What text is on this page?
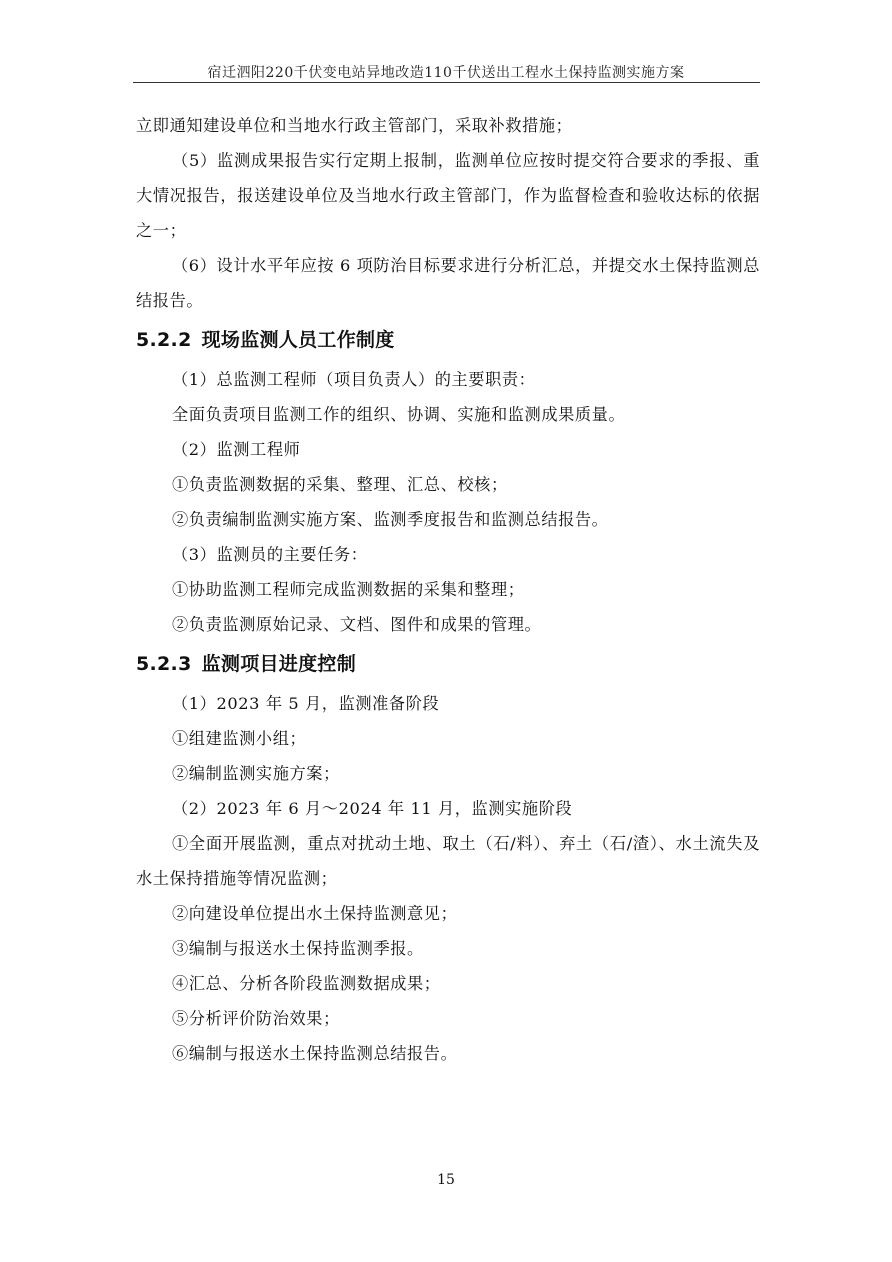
宿迁泗阳220千伏变电站异地改造110千伏送出工程水土保持监测实施方案

立即通知建设单位和当地水行政主管部门，采取补救措施；

（5）监测成果报告实行定期上报制，监测单位应按时提交符合要求的季报、重大情况报告，报送建设单位及当地水行政主管部门，作为监督检查和验收达标的依据之一；

（6）设计水平年应按 6 项防治目标要求进行分析汇总，并提交水土保持监测总结报告。

5.2.2 现场监测人员工作制度

（1）总监测工程师（项目负责人）的主要职责：

全面负责项目监测工作的组织、协调、实施和监测成果质量。

（2）监测工程师

①负责监测数据的采集、整理、汇总、校核；

②负责编制监测实施方案、监测季度报告和监测总结报告。

（3）监测员的主要任务：

①协助监测工程师完成监测数据的采集和整理；

②负责监测原始记录、文档、图件和成果的管理。

5.2.3 监测项目进度控制

（1）2023 年 5 月，监测准备阶段

①组建监测小组；

②编制监测实施方案；

（2）2023 年 6 月～2024 年 11 月，监测实施阶段

①全面开展监测，重点对扰动土地、取土（石/料）、弃土（石/渣）、水土流失及水土保持措施等情况监测；

②向建设单位提出水土保持监测意见；

③编制与报送水土保持监测季报。

④汇总、分析各阶段监测数据成果；

⑤分析评价防治效果；

⑥编制与报送水土保持监测总结报告。

15
